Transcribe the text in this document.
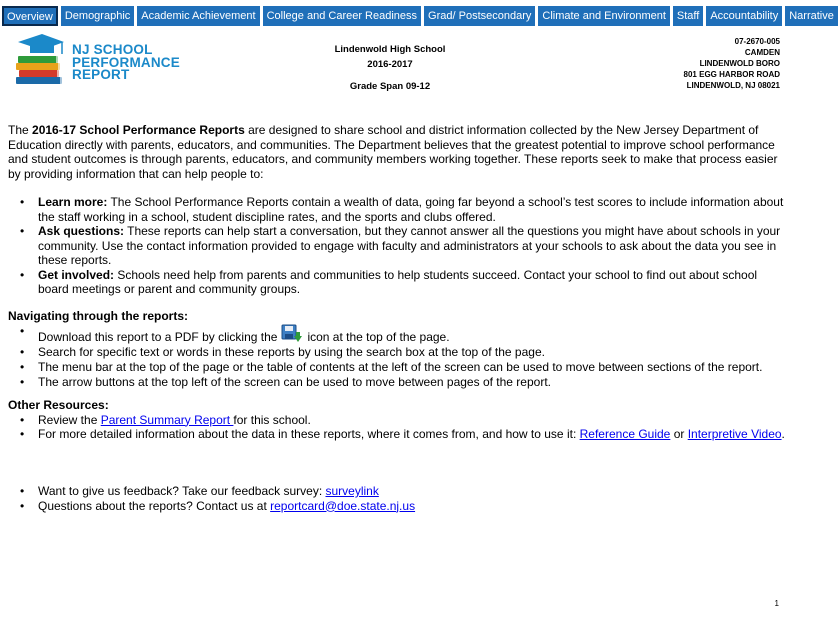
Overview	Demographic	Academic Achievement	College and Career Readiness	Grad/ Postsecondary	Climate and Environment	Staff	Accountability	Narrative
NJ SCHOOL
PERFORMANCE
REPORT
Lindenwold High School
2016-2017
Grade Span 09-12
07-2670-005
CAMDEN
LINDENWOLD BORO
801 EGG HARBOR ROAD
LINDENWOLD, NJ 08021

The 2016-17 School Performance Reports are designed to share school and district information collected by the New Jersey Department of Education directly with parents, educators, and communities. The Department believes that the greatest potential to improve school performance and student outcomes is through parents, educators, and community members working together. These reports seek to make that process easier by providing information that can help people to:

• Learn more: The School Performance Reports contain a wealth of data, going far beyond a school’s test scores to include information about the staff working in a school, student discipline rates, and the sports and clubs offered.
• Ask questions: These reports can help start a conversation, but they cannot answer all the questions you might have about schools in your community. Use the contact information provided to engage with faculty and administrators at your schools to ask about the data you see in these reports.
• Get involved: Schools need help from parents and communities to help students succeed. Contact your school to find out about school board meetings or parent and community groups.
Navigating through the reports:
• Download this report to a PDF by clicking the	icon at the top of the page.
• Search for specific text or words in these reports by using the search box at the top of the page.
• The menu bar at the top of the page or the table of contents at the left of the screen can be used to move between sections of the report.
• The arrow buttons at the top left of the screen can be used to move between pages of the report.
Other Resources:
• Review the Parent Summary Report for this school.
• For more detailed information about the data in these reports, where it comes from, and how to use it: Reference Guide or Interpretive Video.
• Want to give us feedback? Take our feedback survey: surveylink
• Questions about the reports? Contact us at reportcard@doe.state.nj.us
1
